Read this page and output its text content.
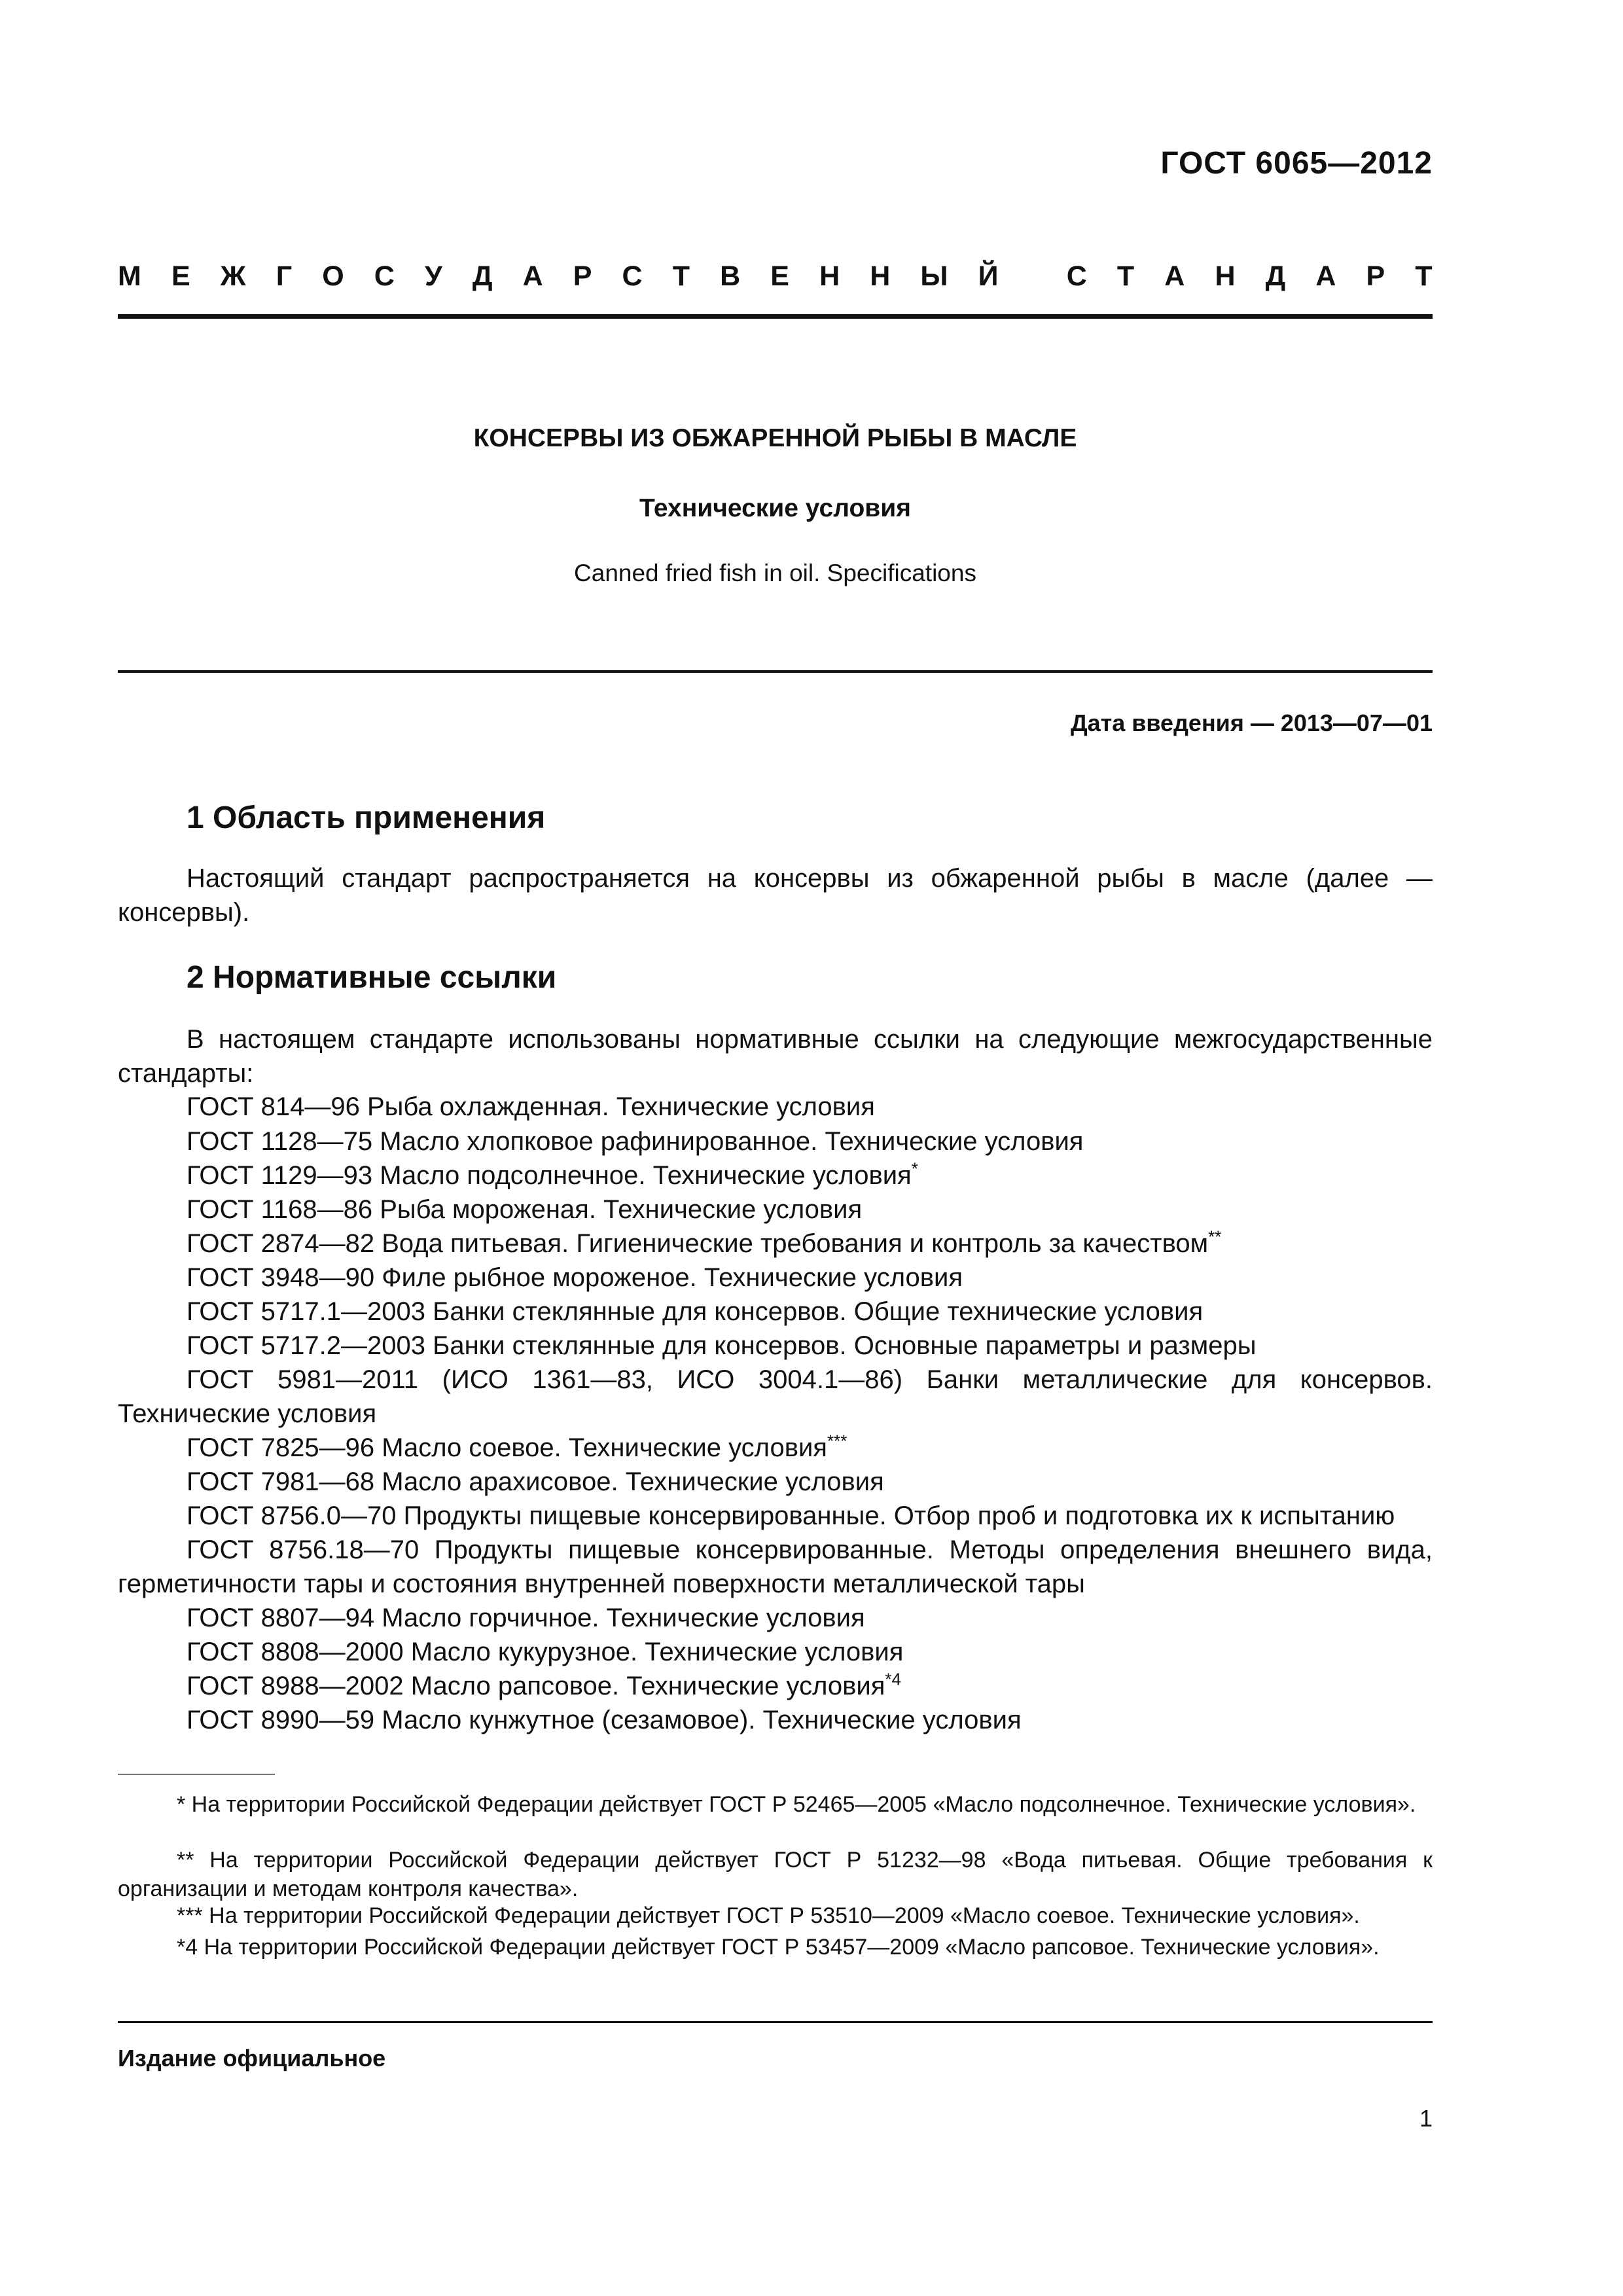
ГОСТ 6065—2012
М Е Ж Г О С У Д А Р С Т В Е Н Н Ы Й
С Т А Н Д А Р Т
КОНСЕРВЫ ИЗ ОБЖАРЕННОЙ РЫБЫ В МАСЛЕ
Технические условия
Canned fried fish in oil. Specifications
Дата введения — 2013—07—01
1 Область применения
Настоящий стандарт распространяется на консервы из обжаренной рыбы в масле (далее — консервы).
2 Нормативные ссылки
В настоящем стандарте использованы нормативные ссылки на следующие межгосударственные стандарты:
ГОСТ 814—96 Рыба охлажденная. Технические условия
ГОСТ 1128—75 Масло хлопковое рафинированное. Технические условия
ГОСТ 1129—93 Масло подсолнечное. Технические условия*
ГОСТ 1168—86 Рыба мороженая. Технические условия
ГОСТ 2874—82 Вода питьевая. Гигиенические требования и контроль за качеством**
ГОСТ 3948—90 Филе рыбное мороженое. Технические условия
ГОСТ 5717.1—2003 Банки стеклянные для консервов. Общие технические условия
ГОСТ 5717.2—2003 Банки стеклянные для консервов. Основные параметры и размеры
ГОСТ 5981—2011 (ИСО 1361—83, ИСО 3004.1—86) Банки металлические для консервов. Технические условия
ГОСТ 7825—96 Масло соевое. Технические условия***
ГОСТ 7981—68 Масло арахисовое. Технические условия
ГОСТ 8756.0—70 Продукты пищевые консервированные. Отбор проб и подготовка их к испытанию
ГОСТ 8756.18—70 Продукты пищевые консервированные. Методы определения внешнего вида, герметичности тары и состояния внутренней поверхности металлической тары
ГОСТ 8807—94 Масло горчичное. Технические условия
ГОСТ 8808—2000 Масло кукурузное. Технические условия
ГОСТ 8988—2002 Масло рапсовое. Технические условия$^{*4}$
ГОСТ 8990—59 Масло кунжутное (сезамовое). Технические условия
* На территории Российской Федерации действует ГОСТ Р 52465—2005 «Масло подсолнечное. Технические условия».
** На территории Российской Федерации действует ГОСТ Р 51232—98 «Вода питьевая. Общие требования к организации и методам контроля качества».
*** На территории Российской Федерации действует ГОСТ Р 53510—2009 «Масло соевое. Технические условия».
*4 На территории Российской Федерации действует ГОСТ Р 53457—2009 «Масло рапсовое. Технические условия».
Издание официальное
1
